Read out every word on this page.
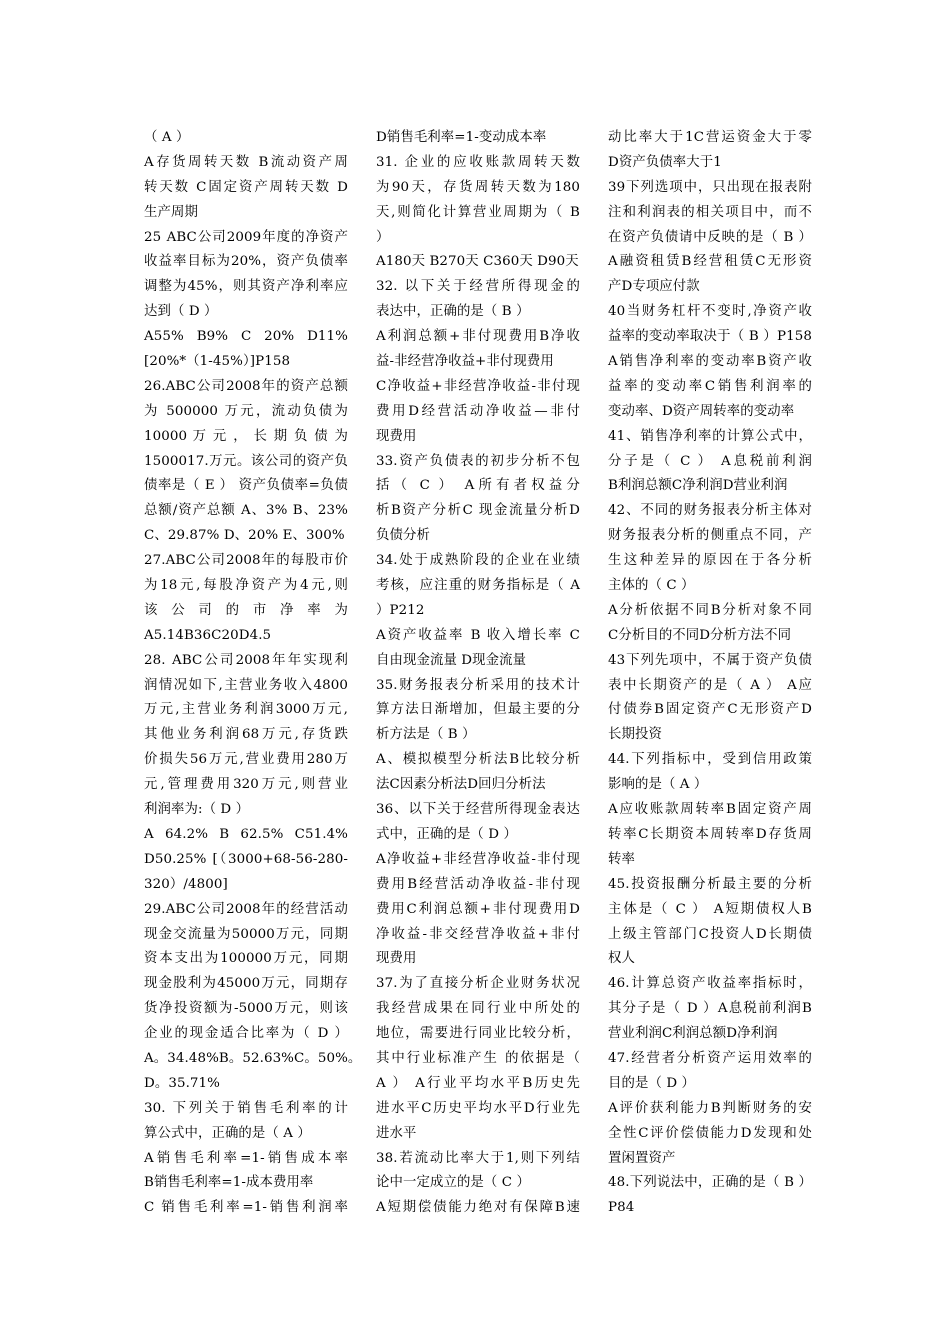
（ A ）
A存货周转天数 B流动资产周
转天数 C固定资产周转天数 D
生产周期
25 ABC公司2009年度的净资产
收益率目标为20%，资产负债率
调整为45%，则其资产净利率应
达到（ D ）
A55% B9% C 20% D11%
[20%*（1-45%）]P158
26.ABC公司2008年的资产总额
为 500000 万元，流动负债为
10000 万 元 ， 长 期 负 债 为
1500017.万元。该公司的资产负
债率是（ E ） 资产负债率=负债
总额/资产总额 A、3% B、23%
C、29.87% D、20% E、300%
27.ABC公司2008年的每股市价
为18元,每股净资产为4元,则
该 公 司 的 市 净 率 为
A5.14B36C20D4.5
28. ABC公司2008年年实现利
润情况如下,主营业务收入4800
万元,主营业务利润3000万元,
其他业务利润68万元,存货跌
价损失56万元,营业费用280万
元,管理费用320万元,则营业
利润率为:（ D ）
A 64.2% B 62.5% C51.4%
D50.25% [（3000+68-56-280-
320）/4800]
29.ABC公司2008年的经营活动
现金交流量为50000万元，同期
资本支出为100000万元，同期
现金股利为45000万元，同期存
货净投资额为-5000万元，则该
企业的现金适合比率为（ D ）
A。34.48%B。52.63%C。50%。
D。35.71%
30. 下列关于销售毛利率的计
算公式中，正确的是（ A ）
A销售毛利率=1-销售成本率
B销售毛利率=1-成本费用率
C 销售毛利率=1-销售利润率
D销售毛利率=1-变动成本率
31. 企业的应收账款周转天数
为90天，存货周转天数为180
天,则简化计算营业周期为（ B
）
A180天 B270天 C360天 D90天
32. 以下关于经营所得现金的
表达中，正确的是（ B ）
A利润总额+非付现费用B净收
益-非经营净收益+非付现费用
C净收益+非经营净收益-非付现
费用D经营活动净收益—非付
现费用
33.资产负债表的初步分析不包
括（ C ） A所有者权益分
析B资产分析C 现金流量分析D
负债分析
34.处于成熟阶段的企业在业绩
考核，应注重的财务指标是（ A
）P212
A资产收益率 B 收入增长率 C
自由现金流量 D现金流量
35.财务报表分析采用的技术计
算方法日渐增加，但最主要的分
析方法是（ B ）
A、模拟模型分析法B比较分析
法C因素分析法D回归分析法
36、以下关于经营所得现金表达
式中，正确的是（ D ）
A净收益+非经营净收益-非付现
费用B经营活动净收益-非付现
费用C利润总额+非付现费用D
净收益-非交经营净收益+非付
现费用
37.为了直接分析企业财务状况
我经营成果在同行业中所处的
地位，需要进行同业比较分析，
其中行业标准产生 的依据是（
A ） A行业平均水平B历史先
进水平C历史平均水平D行业先
进水平
38.若流动比率大于1,则下列结
论中一定成立的是（ C ）
A短期偿债能力绝对有保障B速
动比率大于1C营运资金大于零
D资产负债率大于1
39下列选项中，只出现在报表附
注和利润表的相关项目中，而不
在资产负债请中反映的是（ B ）
A融资租赁B经营租赁C无形资
产D专项应付款
40当财务杠杆不变时,净资产收
益率的变动率取决于（ B ）P158
A销售净利率的变动率B资产收
益率的变动率C销售利润率的
变动率、D资产周转率的变动率
41、销售净利率的计算公式中，
分子是（ C ） A息税前利润
B利润总额C净利润D营业利润
42、不同的财务报表分析主体对
财务报表分析的侧重点不同，产
生这种差异的原因在于各分析
主体的（ C ）
A分析依据不同B分析对象不同
C分析目的不同D分析方法不同
43下列先项中，不属于资产负债
表中长期资产的是（ A ） A应
付债券B固定资产C无形资产D
长期投资
44.下列指标中，受到信用政策
影响的是（ A ）
A应收账款周转率B固定资产周
转率C长期资本周转率D存货周
转率
45.投资报酬分析最主要的分析
主体是（ C ） A短期债权人B
上级主管部门C投资人D长期债
权人
46.计算总资产收益率指标时，
其分子是（ D ）A息税前利润B
营业利润C利润总额D净利润
47.经营者分析资产运用效率的
目的是（ D ）
A评价获利能力B判断财务的安
全性C评价偿债能力D发现和处
置闲置资产
48.下列说法中，正确的是（ B ）
P84
